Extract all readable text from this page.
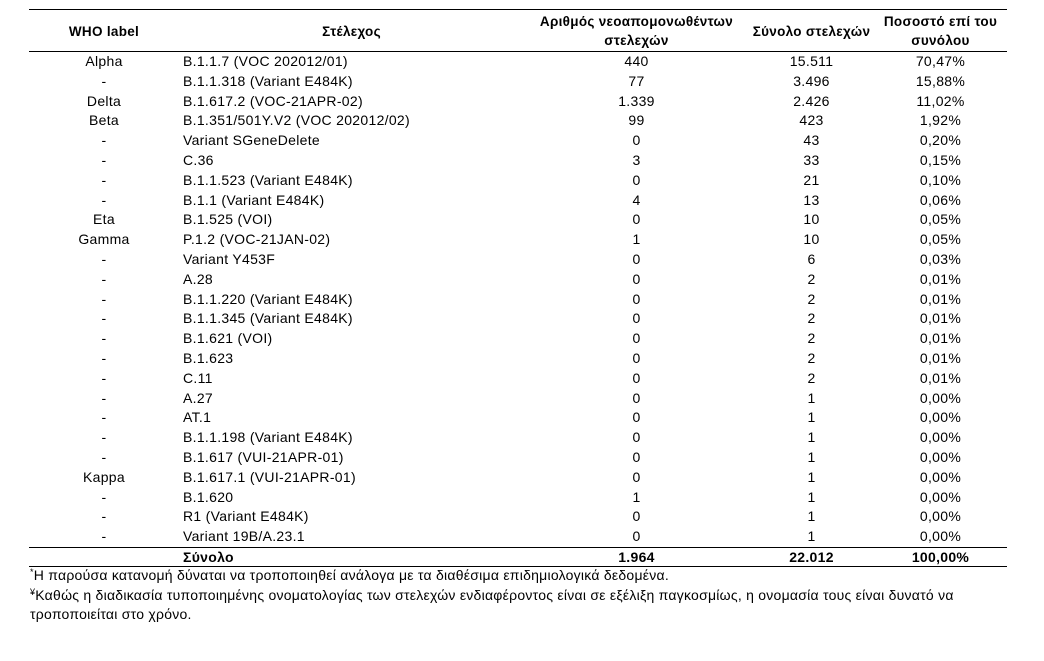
WHO label	Στέλεχος	Αριθμός νεοαπομονωθέντων στελεχών	Σύνολο στελεχών	Ποσοστό επί του συνόλου
Alpha	B.1.1.7 (VOC 202012/01)	440	15.511	70,47%
-	B.1.1.318 (Variant E484K)	77	3.496	15,88%
Delta	B.1.617.2 (VOC-21APR-02)	1.339	2.426	11,02%
Beta	B.1.351/501Y.V2 (VOC 202012/02)	99	423	1,92%
-	Variant SGeneDelete	0	43	0,20%
-	C.36	3	33	0,15%
-	B.1.1.523 (Variant E484K)	0	21	0,10%
-	B.1.1 (Variant E484K)	4	13	0,06%
Eta	B.1.525 (VOI)	0	10	0,05%
Gamma	P.1.2 (VOC-21JAN-02)	1	10	0,05%
-	Variant Y453F	0	6	0,03%
-	A.28	0	2	0,01%
-	B.1.1.220 (Variant E484K)	0	2	0,01%
-	B.1.1.345 (Variant E484K)	0	2	0,01%
-	B.1.621 (VOI)	0	2	0,01%
-	B.1.623	0	2	0,01%
-	C.11	0	2	0,01%
-	A.27	0	1	0,00%
-	AT.1	0	1	0,00%
-	B.1.1.198 (Variant E484K)	0	1	0,00%
-	B.1.617 (VUI-21APR-01)	0	1	0,00%
Kappa	B.1.617.1 (VUI-21APR-01)	0	1	0,00%
-	B.1.620	1	1	0,00%
-	R1 (Variant E484K)	0	1	0,00%
-	Variant 19B/A.23.1	0	1	0,00%
	Σύνολο	1.964	22.012	100,00%

*Η παρούσα κατανομή δύναται να τροποποιηθεί ανάλογα με τα διαθέσιμα επιδημιολογικά δεδομένα.

¥Καθώς η διαδικασία τυποποιημένης ονοματολογίας των στελεχών ενδιαφέροντος είναι σε εξέλιξη παγκοσμίως, η ονομασία τους είναι δυνατό να τροποποιείται στο χρόνο.
